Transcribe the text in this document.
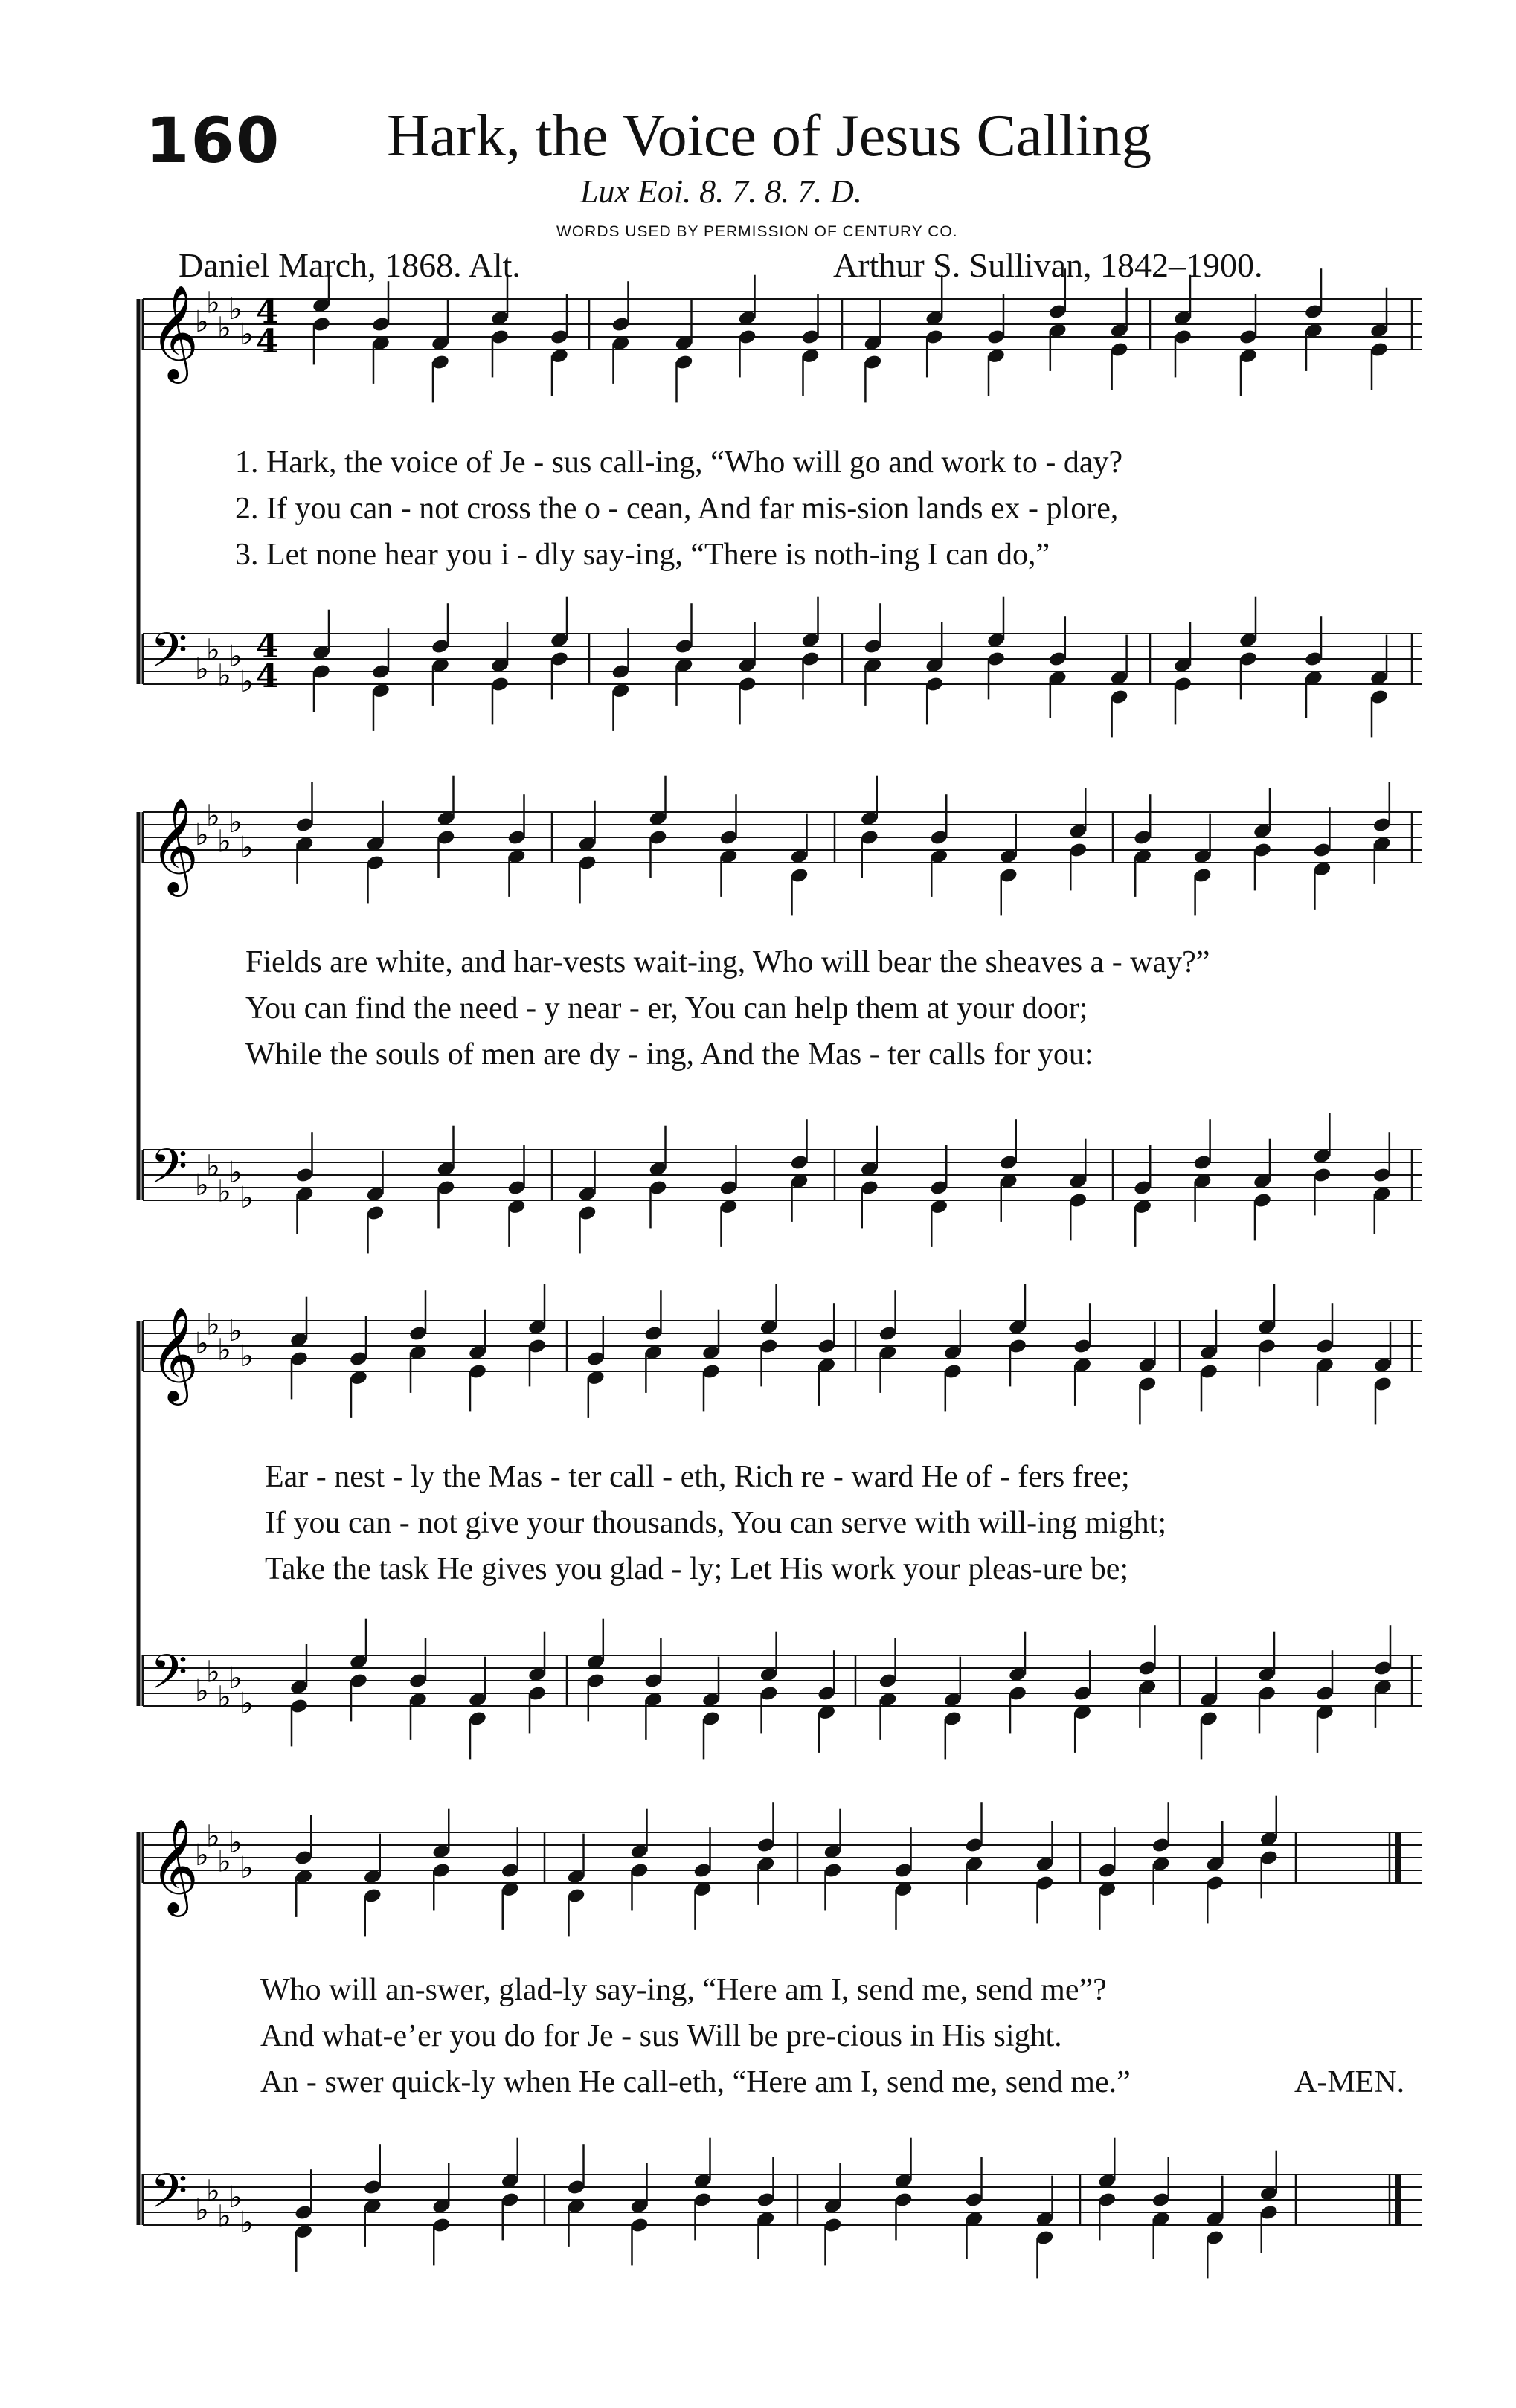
160 Hark, the Voice of Jesus Calling
Lux Eoi. 8. 7. 8. 7. D.
WORDS USED BY PERMISSION OF CENTURY CO.
Daniel March, 1868. Alt.	Arthur S. Sullivan, 1842–1900.
𝄞
♭
♭
♭
♭
♭
4
4
𝄢 ♭
♭
♭
♭
♭
4
4
𝄞
♭
♭
♭
♭
♭
𝄢 ♭
♭
♭
♭
♭
𝄞
♭
♭
♭
♭
♭
𝄢 ♭
♭
♭
♭
♭
𝄞
♭
♭
♭
♭
♭
𝄢 ♭
♭
♭
♭
♭
1. Hark, the voice of Je - sus call-ing, “Who will go and work to - day?
2. If you can - not cross the o - cean, And far mis-sion lands ex - plore,
3. Let none hear you i - dly say-ing, “There is noth-ing I can do,”
Fields are white, and har-vests wait-ing, Who will bear the sheaves a - way?”
You can find the need - y near - er, You can help them at your door;
While the souls of men are dy - ing, And the Mas - ter calls for you:
Ear - nest - ly the Mas - ter call - eth, Rich re - ward He of - fers free;
If you can - not give your thousands, You can serve with will-ing might;
Take the task He gives you glad - ly; Let His work your pleas-ure be;
Who will an-swer, glad-ly say-ing, “Here am I, send me, send me”?
And what-e’er you do for Je - sus Will be pre-cious in His sight.
An - swer quick-ly when He call-eth, “Here am I, send me, send me.”	A-MEN.
